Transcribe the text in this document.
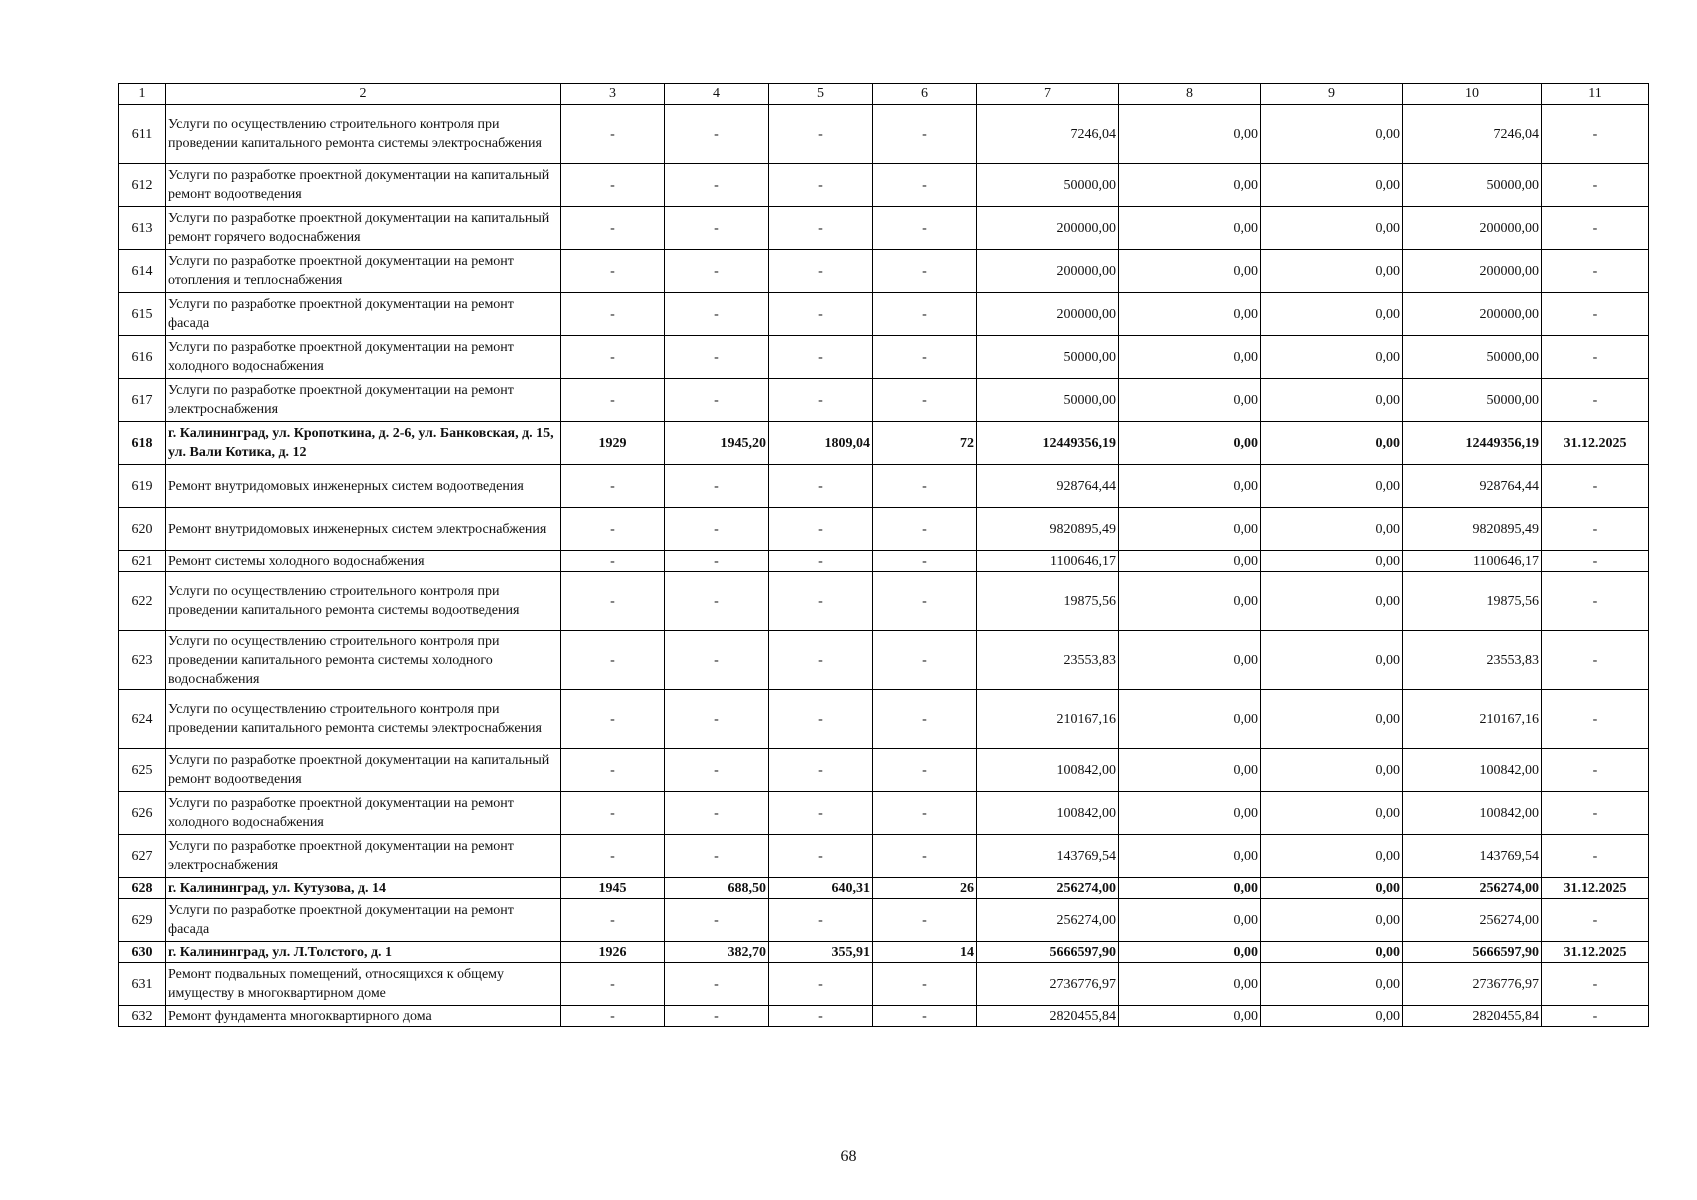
1	2	3	4	5	6	7	8	9	10	11
611	Услуги по осуществлению строительного контроля при проведении капитального ремонта системы электроснабжения	-	-	-	-	7246,04	0,00	0,00	7246,04	-
612	Услуги по разработке проектной документации на капитальный ремонт водоотведения	-	-	-	-	50000,00	0,00	0,00	50000,00	-
613	Услуги по разработке проектной документации на капитальный ремонт горячего водоснабжения	-	-	-	-	200000,00	0,00	0,00	200000,00	-
614	Услуги по разработке проектной документации на ремонт отопления и теплоснабжения	-	-	-	-	200000,00	0,00	0,00	200000,00	-
615	Услуги по разработке проектной документации на ремонт фасада	-	-	-	-	200000,00	0,00	0,00	200000,00	-
616	Услуги по разработке проектной документации на ремонт холодного водоснабжения	-	-	-	-	50000,00	0,00	0,00	50000,00	-
617	Услуги по разработке проектной документации на ремонт электроснабжения	-	-	-	-	50000,00	0,00	0,00	50000,00	-
618	г. Калининград, ул. Кропоткина, д. 2-6, ул. Банковская, д. 15, ул. Вали Котика, д. 12	1929	1945,20	1809,04	72	12449356,19	0,00	0,00	12449356,19	31.12.2025
619	Ремонт внутридомовых инженерных систем водоотведения	-	-	-	-	928764,44	0,00	0,00	928764,44	-
620	Ремонт внутридомовых инженерных систем электроснабжения	-	-	-	-	9820895,49	0,00	0,00	9820895,49	-
621	Ремонт системы холодного водоснабжения	-	-	-	-	1100646,17	0,00	0,00	1100646,17	-
622	Услуги по осуществлению строительного контроля при проведении капитального ремонта системы водоотведения	-	-	-	-	19875,56	0,00	0,00	19875,56	-
623	Услуги по осуществлению строительного контроля при проведении капитального ремонта системы холодного водоснабжения	-	-	-	-	23553,83	0,00	0,00	23553,83	-
624	Услуги по осуществлению строительного контроля при проведении капитального ремонта системы электроснабжения	-	-	-	-	210167,16	0,00	0,00	210167,16	-
625	Услуги по разработке проектной документации на капитальный ремонт водоотведения	-	-	-	-	100842,00	0,00	0,00	100842,00	-
626	Услуги по разработке проектной документации на ремонт холодного водоснабжения	-	-	-	-	100842,00	0,00	0,00	100842,00	-
627	Услуги по разработке проектной документации на ремонт электроснабжения	-	-	-	-	143769,54	0,00	0,00	143769,54	-
628	г. Калининград, ул. Кутузова, д. 14	1945	688,50	640,31	26	256274,00	0,00	0,00	256274,00	31.12.2025
629	Услуги по разработке проектной документации на ремонт фасада	-	-	-	-	256274,00	0,00	0,00	256274,00	-
630	г. Калининград, ул. Л.Толстого, д. 1	1926	382,70	355,91	14	5666597,90	0,00	0,00	5666597,90	31.12.2025
631	Ремонт подвальных помещений, относящихся к общему имуществу в многоквартирном доме	-	-	-	-	2736776,97	0,00	0,00	2736776,97	-
632	Ремонт фундамента многоквартирного дома	-	-	-	-	2820455,84	0,00	0,00	2820455,84	-
68
